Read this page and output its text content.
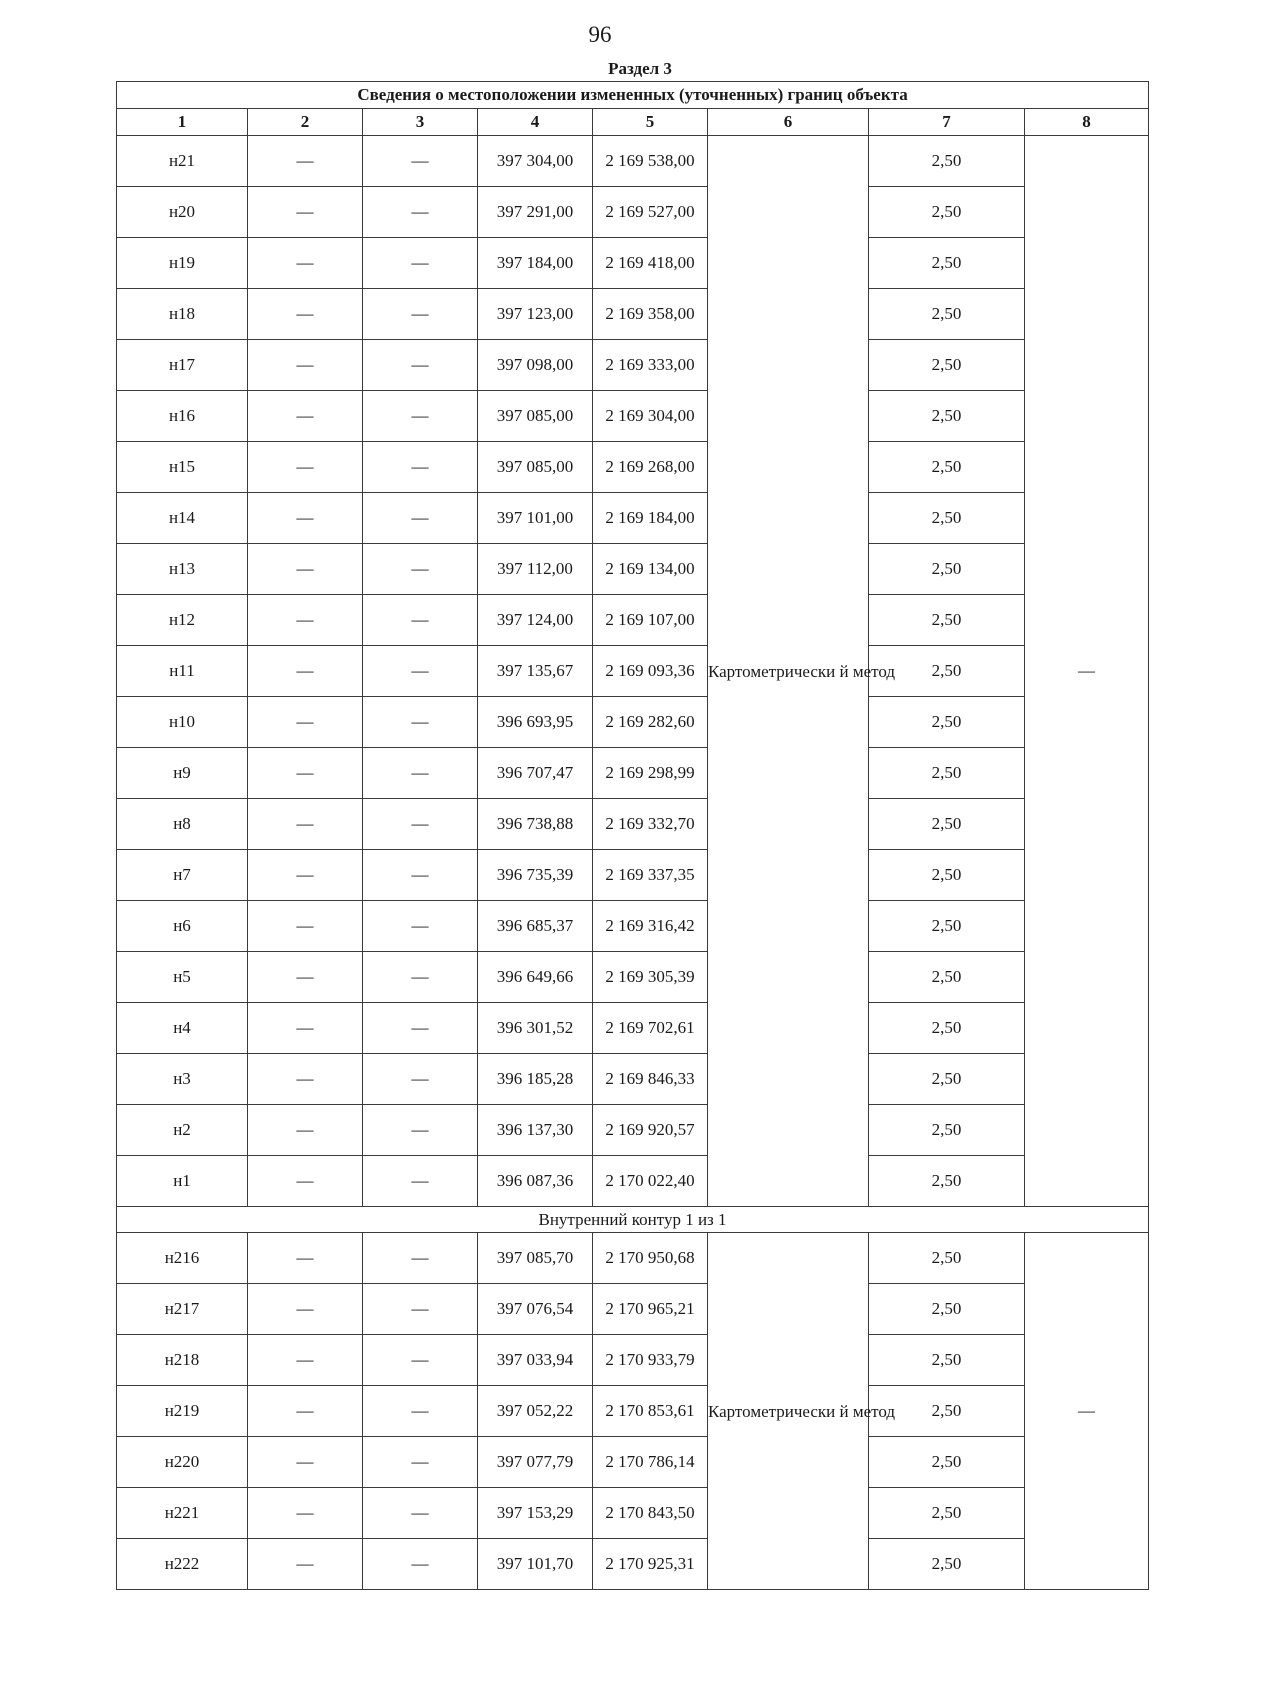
96
Раздел 3
Сведения о местоположении измененных (уточненных) границ объекта							
1	2	3	4	5	6	7	8
н21	—	—	397 304,00	2 169 538,00	Картометрически й метод	2,50	—
н20	—	—	397 291,00	2 169 527,00		2,50	
н19	—	—	397 184,00	2 169 418,00		2,50	
н18	—	—	397 123,00	2 169 358,00		2,50	
н17	—	—	397 098,00	2 169 333,00		2,50	
н16	—	—	397 085,00	2 169 304,00		2,50	
н15	—	—	397 085,00	2 169 268,00		2,50	
н14	—	—	397 101,00	2 169 184,00		2,50	
н13	—	—	397 112,00	2 169 134,00		2,50	
н12	—	—	397 124,00	2 169 107,00		2,50	
н11	—	—	397 135,67	2 169 093,36		2,50	
н10	—	—	396 693,95	2 169 282,60		2,50	
н9	—	—	396 707,47	2 169 298,99		2,50	
н8	—	—	396 738,88	2 169 332,70		2,50	
н7	—	—	396 735,39	2 169 337,35		2,50	
н6	—	—	396 685,37	2 169 316,42		2,50	
н5	—	—	396 649,66	2 169 305,39		2,50	
н4	—	—	396 301,52	2 169 702,61		2,50	
н3	—	—	396 185,28	2 169 846,33		2,50	
н2	—	—	396 137,30	2 169 920,57		2,50	
н1	—	—	396 087,36	2 170 022,40		2,50	
Внутренний контур 1 из 1							
н216	—	—	397 085,70	2 170 950,68	Картометрически й метод	2,50	—
н217	—	—	397 076,54	2 170 965,21		2,50	
н218	—	—	397 033,94	2 170 933,79		2,50	
н219	—	—	397 052,22	2 170 853,61		2,50	
н220	—	—	397 077,79	2 170 786,14		2,50	
н221	—	—	397 153,29	2 170 843,50		2,50	
н222	—	—	397 101,70	2 170 925,31		2,50	
